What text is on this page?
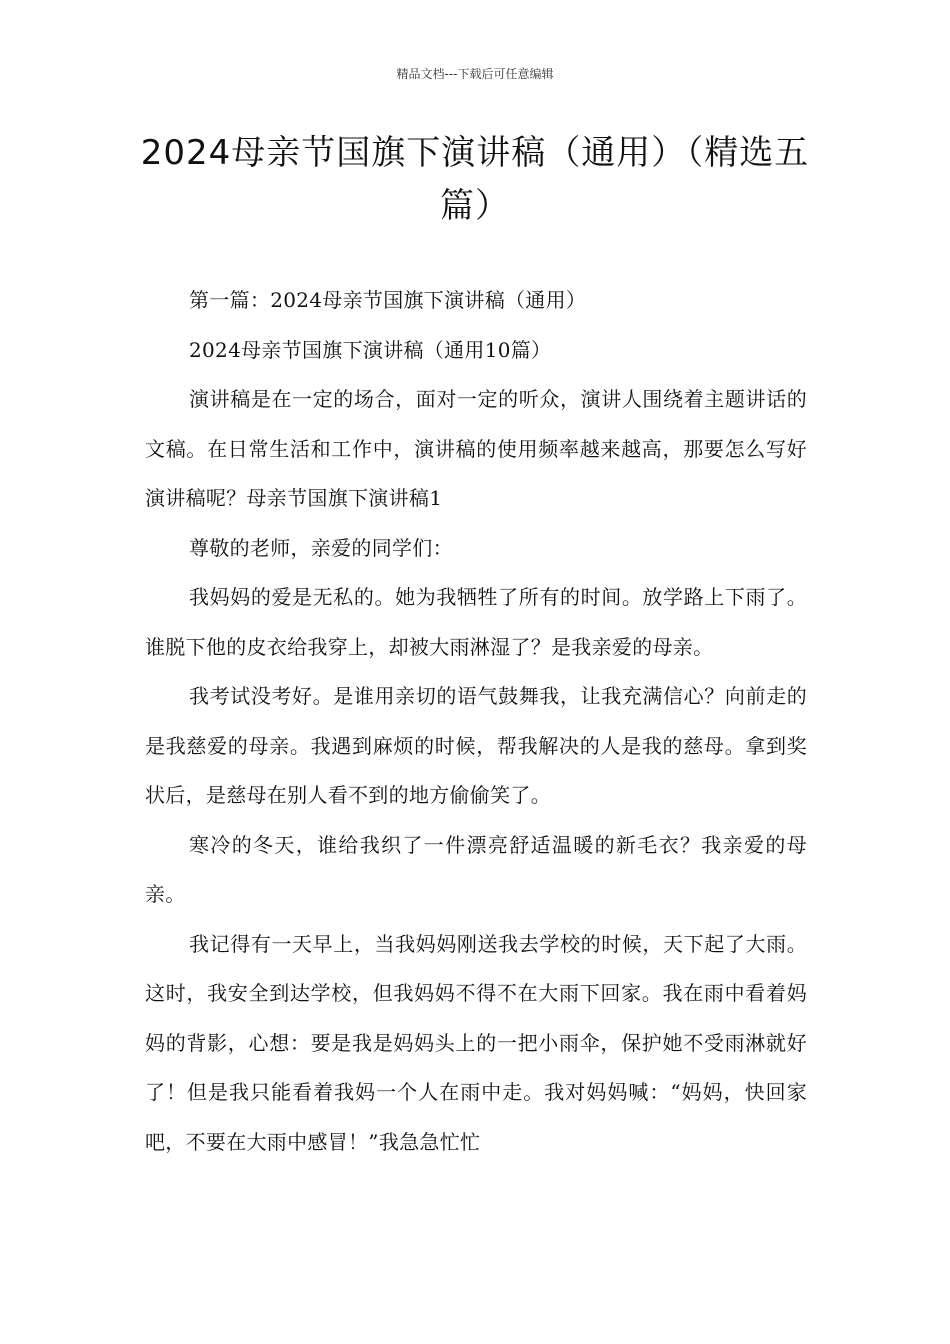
精品文档---下载后可任意编辑
2024母亲节国旗下演讲稿（通用）（精选五篇）

第一篇：2024母亲节国旗下演讲稿（通用）

2024母亲节国旗下演讲稿（通用10篇）

演讲稿是在一定的场合，面对一定的听众，演讲人围绕着主题讲话的文稿。在日常生活和工作中，演讲稿的使用频率越来越高，那要怎么写好演讲稿呢？母亲节国旗下演讲稿1

尊敬的老师，亲爱的同学们：

我妈妈的爱是无私的。她为我牺牲了所有的时间。放学路上下雨了。谁脱下他的皮衣给我穿上，却被大雨淋湿了？是我亲爱的母亲。

我考试没考好。是谁用亲切的语气鼓舞我，让我充满信心？向前走的是我慈爱的母亲。我遇到麻烦的时候，帮我解决的人是我的慈母。拿到奖状后，是慈母在别人看不到的地方偷偷笑了。

寒冷的冬天，谁给我织了一件漂亮舒适温暖的新毛衣？我亲爱的母亲。

我记得有一天早上，当我妈妈刚送我去学校的时候，天下起了大雨。这时，我安全到达学校，但我妈妈不得不在大雨下回家。我在雨中看着妈妈的背影，心想：要是我是妈妈头上的一把小雨伞，保护她不受雨淋就好了！但是我只能看着我妈一个人在雨中走。我对妈妈喊：“妈妈，快回家吧，不要在大雨中感冒！”我急急忙忙
